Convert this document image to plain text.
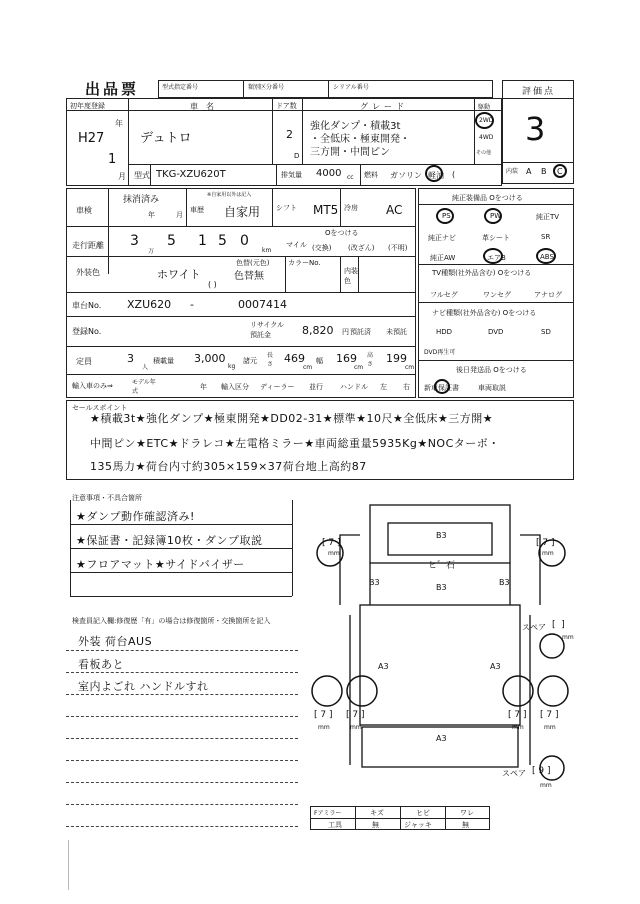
出品票	型式指定番号	類別区分番号	シリアル番号	評価点
3
内装 A B C
初年度登録
H27
年
1
月
車名
デュトロ
ドア数
2
D
グレード
強化ダンプ・積載3t
・全低床・極東開発・
三方開・中間ピン
駆動
2WD
4WD
その他
型式 TKG-XZU620T	排気量 4000 cc 燃料 ガソリン 軽油 (
車検
抹消済み
年	月
車歴
※自家用以外は記入
自家用 シフト MT5 冷房 AC
走行距離 3
万
5 1 5 0
km
マイル
Oをつける
(交換) (改ざん) (不明)
外装色	ホワイト
色替(元色)
色替無
( )
カラーNo.
内装色
車台No. XZU620 -	0007414
登録No.
リサイクル預託金	8,820 円 預託済 未預託
定員	3
人
積載量 3,000
kg
諸元
長さ 469
cm
幅 169
cm
高さ 199
cm
輸入車のみ⇒	モデル年式
年 輸入区分 ディーラー 並行 ハンドル 左 右
純正装備品 Oをつける
PS	PW	純正TV
純正ナビ	革シート	SR
純正AW	エアB	ABS
TV種類(社外品含む) Oをつける
フルセグ	ワンセグ	アナログ
ナビ種類(社外品含む) Oをつける
HDD	DVD	SD
DVD再生可
後日発送品 Oをつける
新車保証書	車両取説
セールスポイント
★積載3t★強化ダンプ★極東開発★DD02-31★標準★10尺★全低床★三方開★
中間ピン★ETC★ドラレコ★左電格ミラー★車両総重量5935Kg★NOCターボ・
135馬力★荷台内寸約305×159×37荷台地上高約87
注意事項・不具合箇所
★ダンプ動作確認済み!
★保証書・記録簿10枚・ダンプ取説
★フロアマット★サイドバイザー
検査員記入欄:修復歴「有」の場合は修復箇所・交換箇所を記入
外装 荷台AUS
看板あと
室内よごれ ハンドルすれ
B3
ヒ゛石
B3	B3
B3
A3	A3
A3
[ 7 ]
mm
[ 7 ]
mm
[ 7 ]
mm
[ 7 ]
mm
[ 7 ]
mm
[ 7 ]
mm
スペア [  ]
mm
スペア [ 9 ]
mm
Fアミラー	キズ	ヒビ	ワレ
工具	無	ジャッキ	無
